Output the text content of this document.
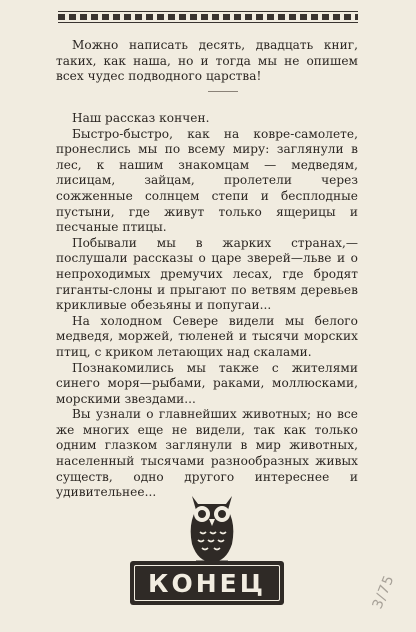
Можно написать десять, двадцать книг, таких, как наша, но и тогда мы не опишем всех чудес подводного царства!

Наш рассказ кончен.

Быстро-быстро, как на ковре-самолете, пронеслись мы по всему миру: заглянули в лес, к нашим знакомцам — медведям, лисицам, зайцам, пролетели через сожженные солнцем степи и бесплодные пустыни, где живут только ящерицы и песчаные птицы.

Побывали мы в жарких странах,— послушали рассказы о царе зверей—льве и о непроходимых дремучих лесах, где бродят гиганты-слоны и прыгают по ветвям деревьев крикливые обезьяны и попугаи...

На холодном Севере видели мы белого медведя, моржей, тюленей и тысячи морских птиц, с криком летающих над скалами.

Познакомились мы также с жителями синего моря—рыбами, раками, моллюсками, морскими звездами...

Вы узнали о главнейших животных; но все же многих еще не видели, так как только одним глазком заглянули в мир животных, населенный тысячами разнообразных живых существ, одно другого интереснее и удивительнее...

КОНЕЦ	3/75
